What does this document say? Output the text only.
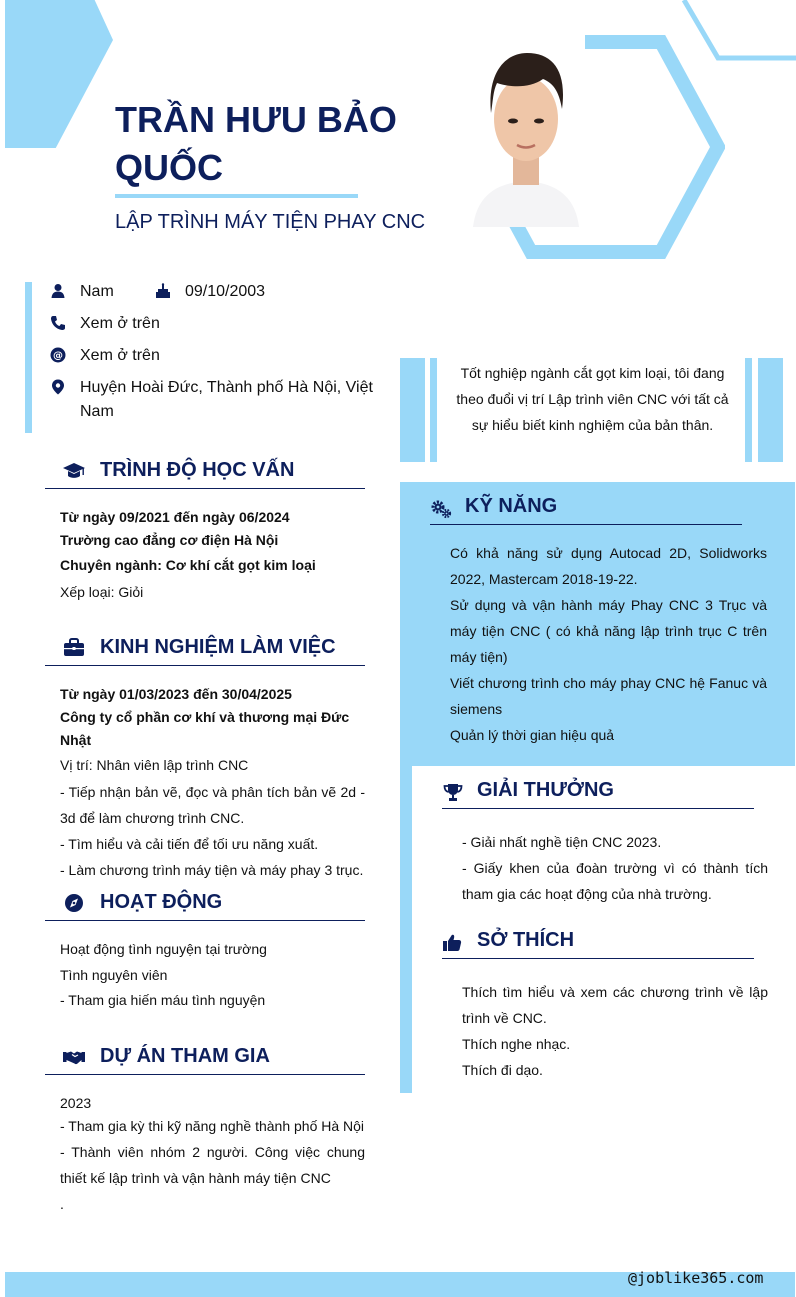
TRẦN HƯU BẢO QUỐC
LẬP TRÌNH MÁY TIỆN PHAY CNC
Nam	09/10/2003
Xem ở trên
@ Xem ở trên
Huyện Hoài Đức, Thành phố Hà Nội, Việt Nam
Tốt nghiệp ngành cắt gọt kim loại, tôi đang theo đuổi vị trí Lập trình viên CNC với tất cả sự hiểu biết kinh nghiệm của bản thân.
TRÌNH ĐỘ HỌC VẤN
Từ ngày 09/2021 đến ngày 06/2024
Trường cao đẳng cơ điện Hà Nội
Chuyên ngành: Cơ khí cắt gọt kim loại
Xếp loại: Giỏi
KINH NGHIỆM LÀM VIỆC
Từ ngày 01/03/2023 đến 30/04/2025
Công ty cổ phần cơ khí và thương mại Đức Nhật
Vị trí: Nhân viên lập trình CNC
- Tiếp nhận bản vẽ, đọc và phân tích bản vẽ 2d - 3d để làm chương trình CNC.
- Tìm hiểu và cải tiến để tối ưu năng xuất.
- Làm chương trình máy tiện và máy phay 3 trục.
HOẠT ĐỘNG
Hoạt động tình nguyện tại trường
Tình nguyên viên
- Tham gia hiến máu tình nguyện
DỰ ÁN THAM GIA
2023
- Tham gia kỳ thi kỹ năng nghề thành phố Hà Nội
- Thành viên nhóm 2 người. Công việc chung thiết kế lập trình và vận hành máy tiện CNC
.
KỸ NĂNG
Có khả năng sử dụng Autocad 2D, Solidworks 2022, Mastercam 2018-19-22.
Sử dụng và vận hành máy Phay CNC 3 Trục và máy tiện CNC ( có khả năng lập trình trục C trên máy tiện)
Viết chương trình cho máy phay CNC hệ Fanuc và siemens
Quản lý thời gian hiệu quả
GIẢI THƯỞNG
- Giải nhất nghề tiện CNC 2023.
- Giấy khen của đoàn trường vì có thành tích tham gia các hoạt động của nhà trường.
SỞ THÍCH
Thích tìm hiểu và xem các chương trình về lập trình về CNC.
Thích nghe nhạc.
Thích đi dạo.
@joblike365.com
